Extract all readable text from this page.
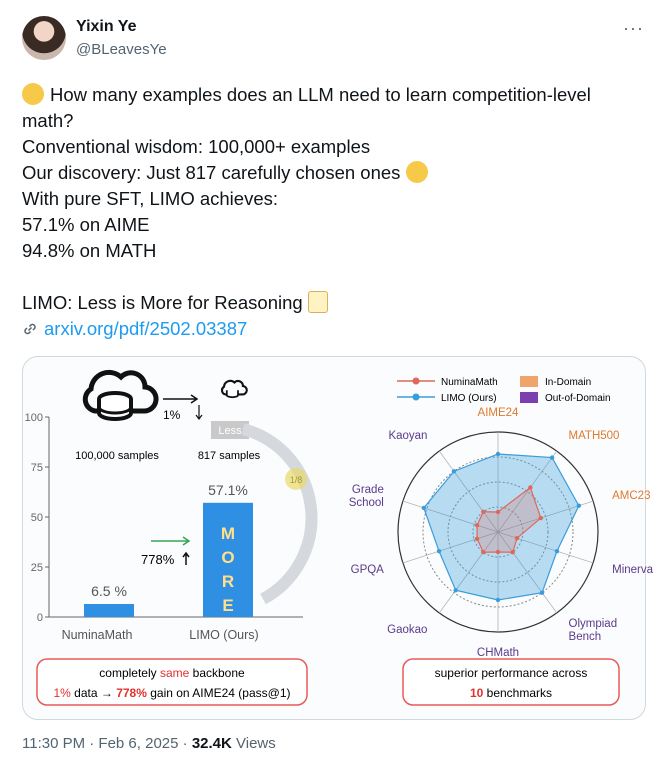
Yixin Ye
@BLeavesYe
···

How many examples does an LLM need to learn competition-level math?

Conventional wisdom: 100,000+ examples

Our discovery: Just 817 carefully chosen ones

With pure SFT, LIMO achieves:

57.1% on AIME

94.8% on MATH

LIMO: Less is More for Reasoning

arxiv.org/pdf/2502.03387

1%
Less
100,000 samples	817 samples
1/8
0
25
50
75
100
6.5 %
NuminaMath
57.1%
LIMO (Ours)
M
O
R
E
778%
completely same backbone
1% data → 778% gain on AIME24 (pass@1)
NuminaMath
LIMO (Ours)
In-Domain
Out-of-Domain
AIME24
MATH500
AMC23
Minerva
Olympiad Bench
CHMath
Gaokao
GPQA
Grade School
Kaoyan
superior performance across
10 benchmarks
11:30 PM · Feb 6, 2025 · 32.4K Views
